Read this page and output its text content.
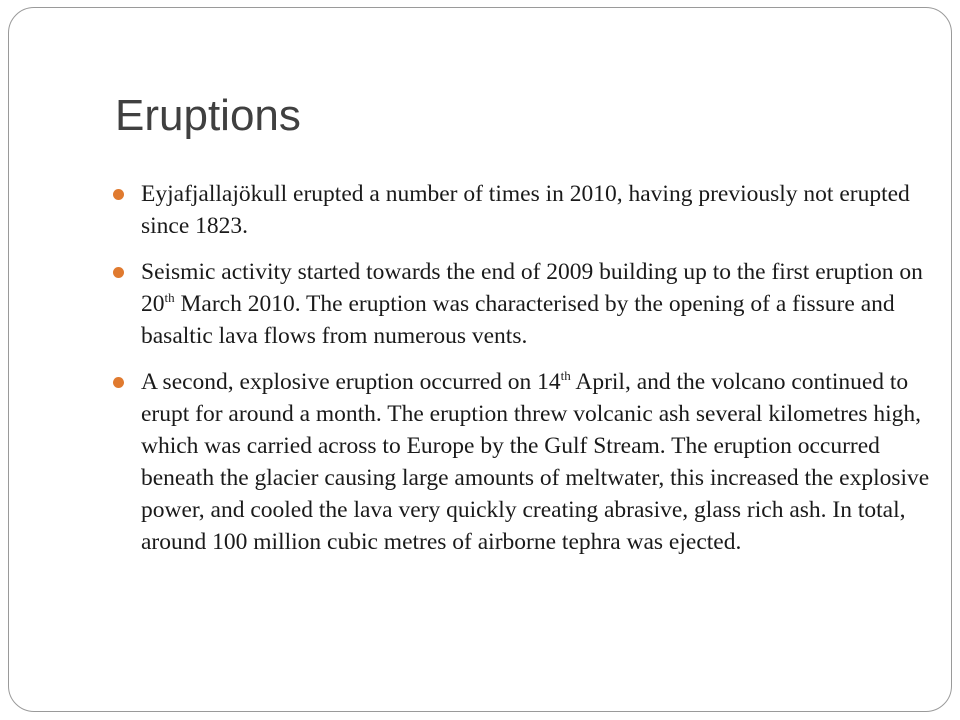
Eruptions
Eyjafjallajökull erupted a number of times in 2010, having previously not erupted since 1823.
Seismic activity started towards the end of 2009 building up to the first eruption on 20th March 2010. The eruption was characterised by the opening of a fissure and basaltic lava flows from numerous vents.
A second, explosive eruption occurred on 14th April, and the volcano continued to erupt for around a month. The eruption threw volcanic ash several kilometres high, which was carried across to Europe by the Gulf Stream. The eruption occurred beneath the glacier causing large amounts of meltwater, this increased the explosive power, and cooled the lava very quickly creating abrasive, glass rich ash. In total, around 100 million cubic metres of airborne tephra was ejected.
